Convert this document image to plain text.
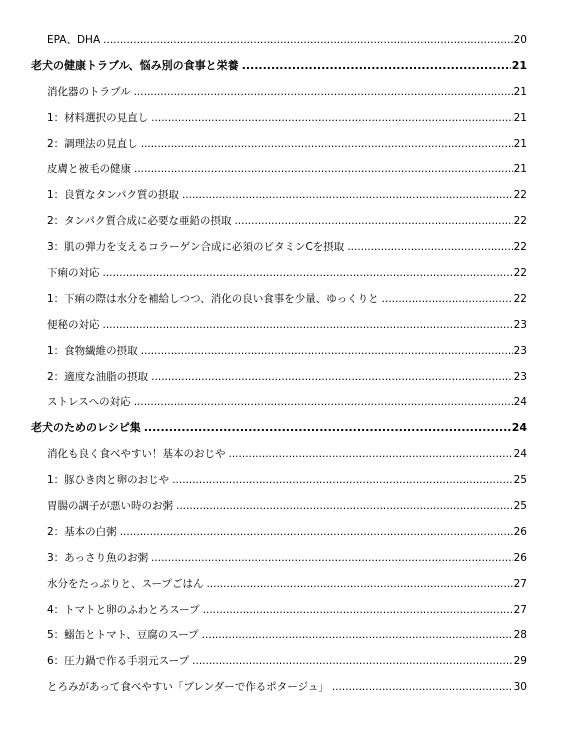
EPA、DHA .....	20
老犬の健康トラブル、悩み別の食事と栄養 .....	21
消化器のトラブル .....	21
1：材料選択の見直し .....	21
2：調理法の見直し .....	21
皮膚と被毛の健康 .....	21
1：良質なタンパク質の摂取 .....	22
2：タンパク質合成に必要な亜鉛の摂取 .....	22
3：肌の弾力を支えるコラーゲン合成に必須のビタミンCを摂取 .....	22
下痢の対応 .....	22
1：下痢の際は水分を補給しつつ、消化の良い食事を少量、ゆっくりと .....	22
便秘の対応 .....	23
1：食物繊維の摂取 .....	23
2：適度な油脂の摂取 .....	23
ストレスへの対応 .....	24
老犬のためのレシピ集 .....	24
消化も良く食べやすい！基本のおじや .....	24
1：豚ひき肉と卵のおじや .....	25
胃腸の調子が悪い時のお粥 .....	25
2：基本の白粥 .....	26
3：あっさり魚のお粥 .....	26
水分をたっぷりと、スープごはん .....	27
4：トマトと卵のふわとろスープ .....	27
5：鰯缶とトマト、豆腐のスープ .....	28
6：圧力鍋で作る手羽元スープ .....	29
とろみがあって食べやすい「ブレンダーで作るポタージュ」 .....	30
